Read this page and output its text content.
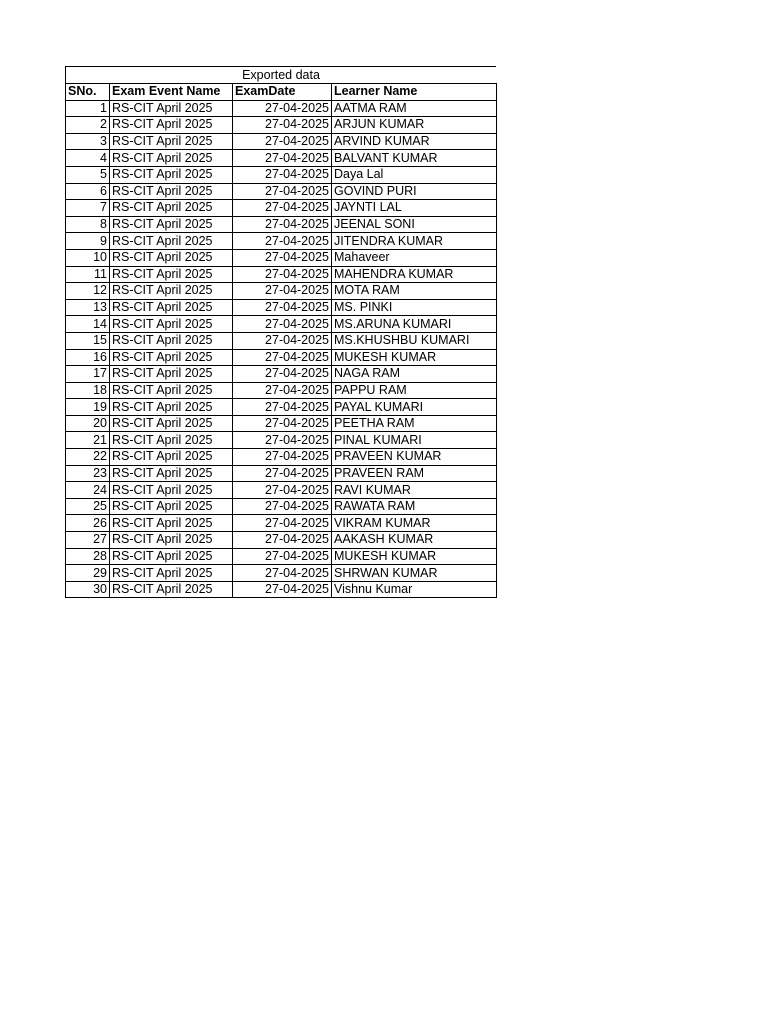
Exported data
SNo.	Exam Event Name	ExamDate	Learner Name
1	RS-CIT April 2025	27-04-2025	AATMA RAM
2	RS-CIT April 2025	27-04-2025	ARJUN KUMAR
3	RS-CIT April 2025	27-04-2025	ARVIND KUMAR
4	RS-CIT April 2025	27-04-2025	BALVANT KUMAR
5	RS-CIT April 2025	27-04-2025	Daya Lal
6	RS-CIT April 2025	27-04-2025	GOVIND PURI
7	RS-CIT April 2025	27-04-2025	JAYNTI LAL
8	RS-CIT April 2025	27-04-2025	JEENAL SONI
9	RS-CIT April 2025	27-04-2025	JITENDRA KUMAR
10	RS-CIT April 2025	27-04-2025	Mahaveer
11	RS-CIT April 2025	27-04-2025	MAHENDRA KUMAR
12	RS-CIT April 2025	27-04-2025	MOTA RAM
13	RS-CIT April 2025	27-04-2025	MS. PINKI
14	RS-CIT April 2025	27-04-2025	MS.ARUNA KUMARI
15	RS-CIT April 2025	27-04-2025	MS.KHUSHBU KUMARI
16	RS-CIT April 2025	27-04-2025	MUKESH KUMAR
17	RS-CIT April 2025	27-04-2025	NAGA RAM
18	RS-CIT April 2025	27-04-2025	PAPPU RAM
19	RS-CIT April 2025	27-04-2025	PAYAL KUMARI
20	RS-CIT April 2025	27-04-2025	PEETHA RAM
21	RS-CIT April 2025	27-04-2025	PINAL KUMARI
22	RS-CIT April 2025	27-04-2025	PRAVEEN KUMAR
23	RS-CIT April 2025	27-04-2025	PRAVEEN RAM
24	RS-CIT April 2025	27-04-2025	RAVI KUMAR
25	RS-CIT April 2025	27-04-2025	RAWATA RAM
26	RS-CIT April 2025	27-04-2025	VIKRAM KUMAR
27	RS-CIT April 2025	27-04-2025	AAKASH KUMAR
28	RS-CIT April 2025	27-04-2025	MUKESH KUMAR
29	RS-CIT April 2025	27-04-2025	SHRWAN KUMAR
30	RS-CIT April 2025	27-04-2025	Vishnu Kumar
